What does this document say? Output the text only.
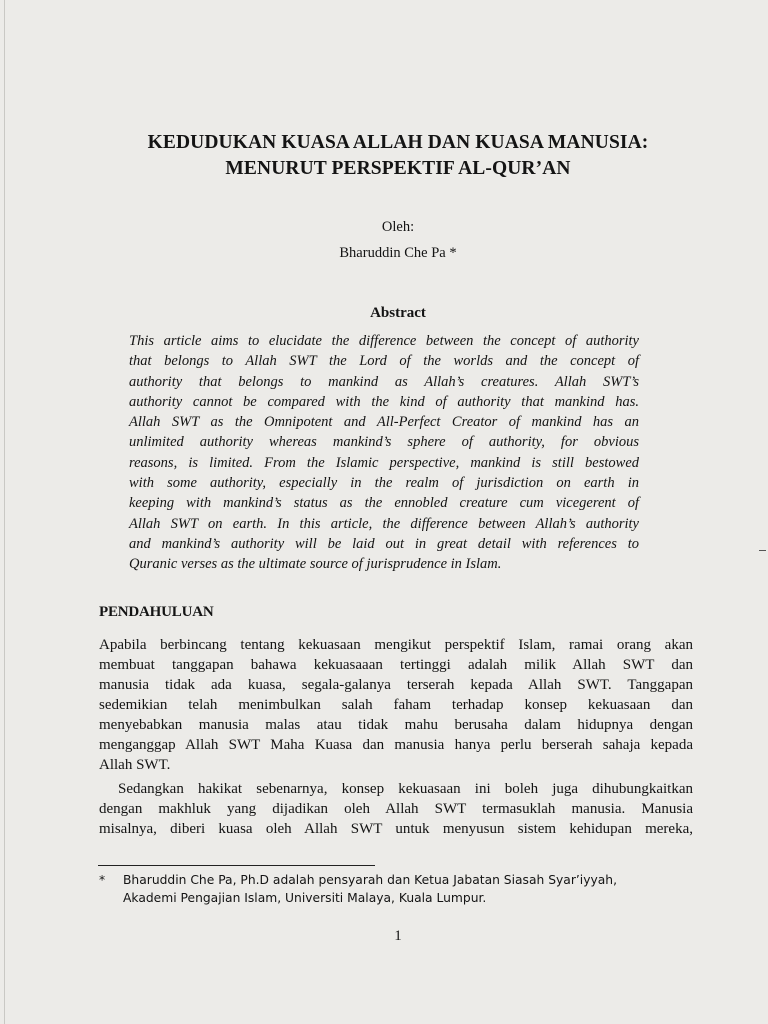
KEDUDUKAN KUASA ALLAH DAN KUASA MANUSIA:
MENURUT PERSPEKTIF AL-QUR’AN
Oleh:
Bharuddin Che Pa *
Abstract
This article aims to elucidate the difference between the concept of authority
that belongs to Allah SWT the Lord of the worlds and the concept of
authority that belongs to mankind as Allah’s creatures. Allah SWT’s
authority cannot be compared with the kind of authority that mankind has.
Allah SWT as the Omnipotent and All-Perfect Creator of mankind has an
unlimited authority whereas mankind’s sphere of authority, for obvious
reasons, is limited. From the Islamic perspective, mankind is still bestowed
with some authority, especially in the realm of jurisdiction on earth in
keeping with mankind’s status as the ennobled creature cum vicegerent of
Allah SWT on earth. In this article, the difference between Allah’s authority
and mankind’s authority will be laid out in great detail with references to
Quranic verses as the ultimate source of jurisprudence in Islam.
PENDAHULUAN
Apabila berbincang tentang kekuasaan mengikut perspektif Islam, ramai orang akan
membuat tanggapan bahawa kekuasaaan tertinggi adalah milik Allah SWT dan
manusia tidak ada kuasa, segala-galanya terserah kepada Allah SWT. Tanggapan
sedemikian telah menimbulkan salah faham terhadap konsep kekuasaan dan
menyebabkan manusia malas atau tidak mahu berusaha dalam hidupnya dengan
menganggap Allah SWT Maha Kuasa dan manusia hanya perlu berserah sahaja kepada
Allah SWT.
Sedangkan hakikat sebenarnya, konsep kekuasaan ini boleh juga dihubungkaitkan
dengan makhluk yang dijadikan oleh Allah SWT termasuklah manusia. Manusia
misalnya, diberi kuasa oleh Allah SWT untuk menyusun sistem kehidupan mereka,
* Bharuddin Che Pa, Ph.D adalah pensyarah dan Ketua Jabatan Siasah Syar’iyyah,
Akademi Pengajian Islam, Universiti Malaya, Kuala Lumpur.
1
